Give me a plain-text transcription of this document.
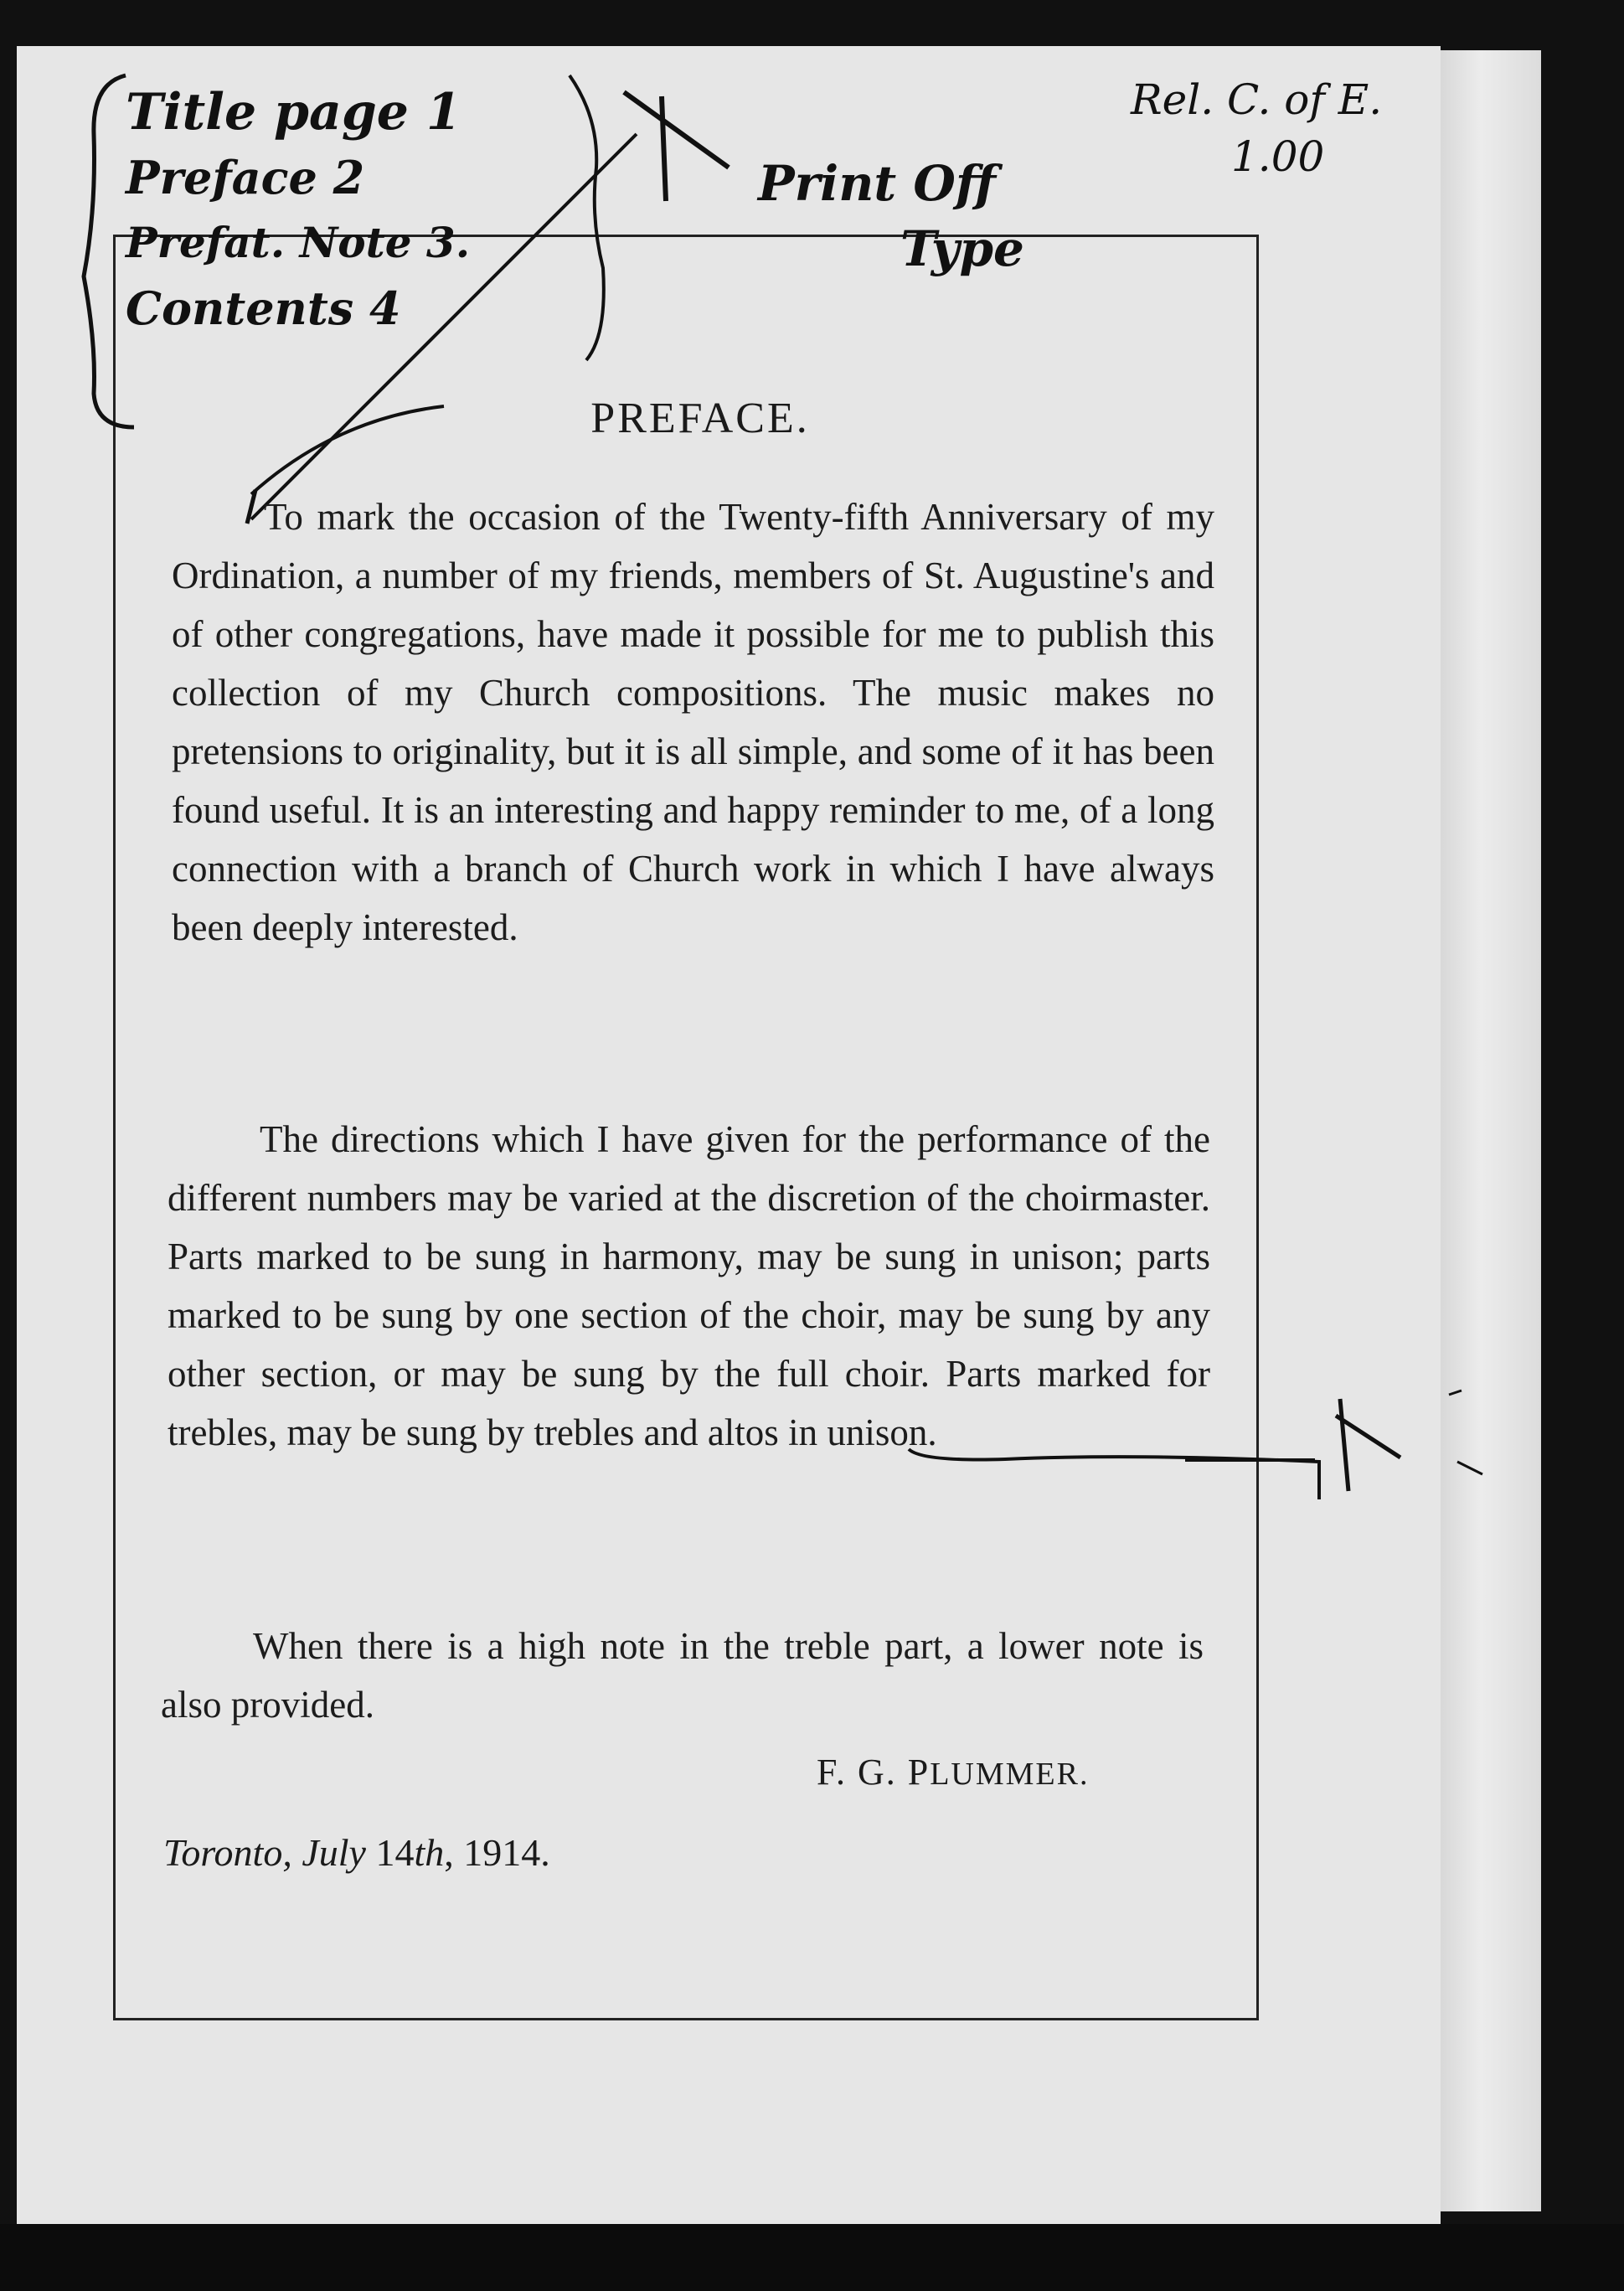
Title page 1
Preface 2
Prefat. Note 3.
Contents 4
Print Off
Type
Rel. C. of E.
1.00
PREFACE.

To mark the occasion of the Twenty-fifth Anniversary of my Ordination, a number of my friends, members of St. Augustine's and of other congregations, have made it possible for me to publish this collection of my Church compositions. The music makes no pretensions to originality, but it is all simple, and some of it has been found useful. It is an interesting and happy reminder to me, of a long connection with a branch of Church work in which I have always been deeply interested.

The directions which I have given for the performance of the different numbers may be varied at the discretion of the choirmaster. Parts marked to be sung in harmony, may be sung in unison; parts marked to be sung by one section of the choir, may be sung by any other section, or may be sung by the full choir. Parts marked for trebles, may be sung by trebles and altos in unison.

When there is a high note in the treble part, a lower note is also provided.

F. G. PLUMMER.
Toronto, July 14th, 1914.
